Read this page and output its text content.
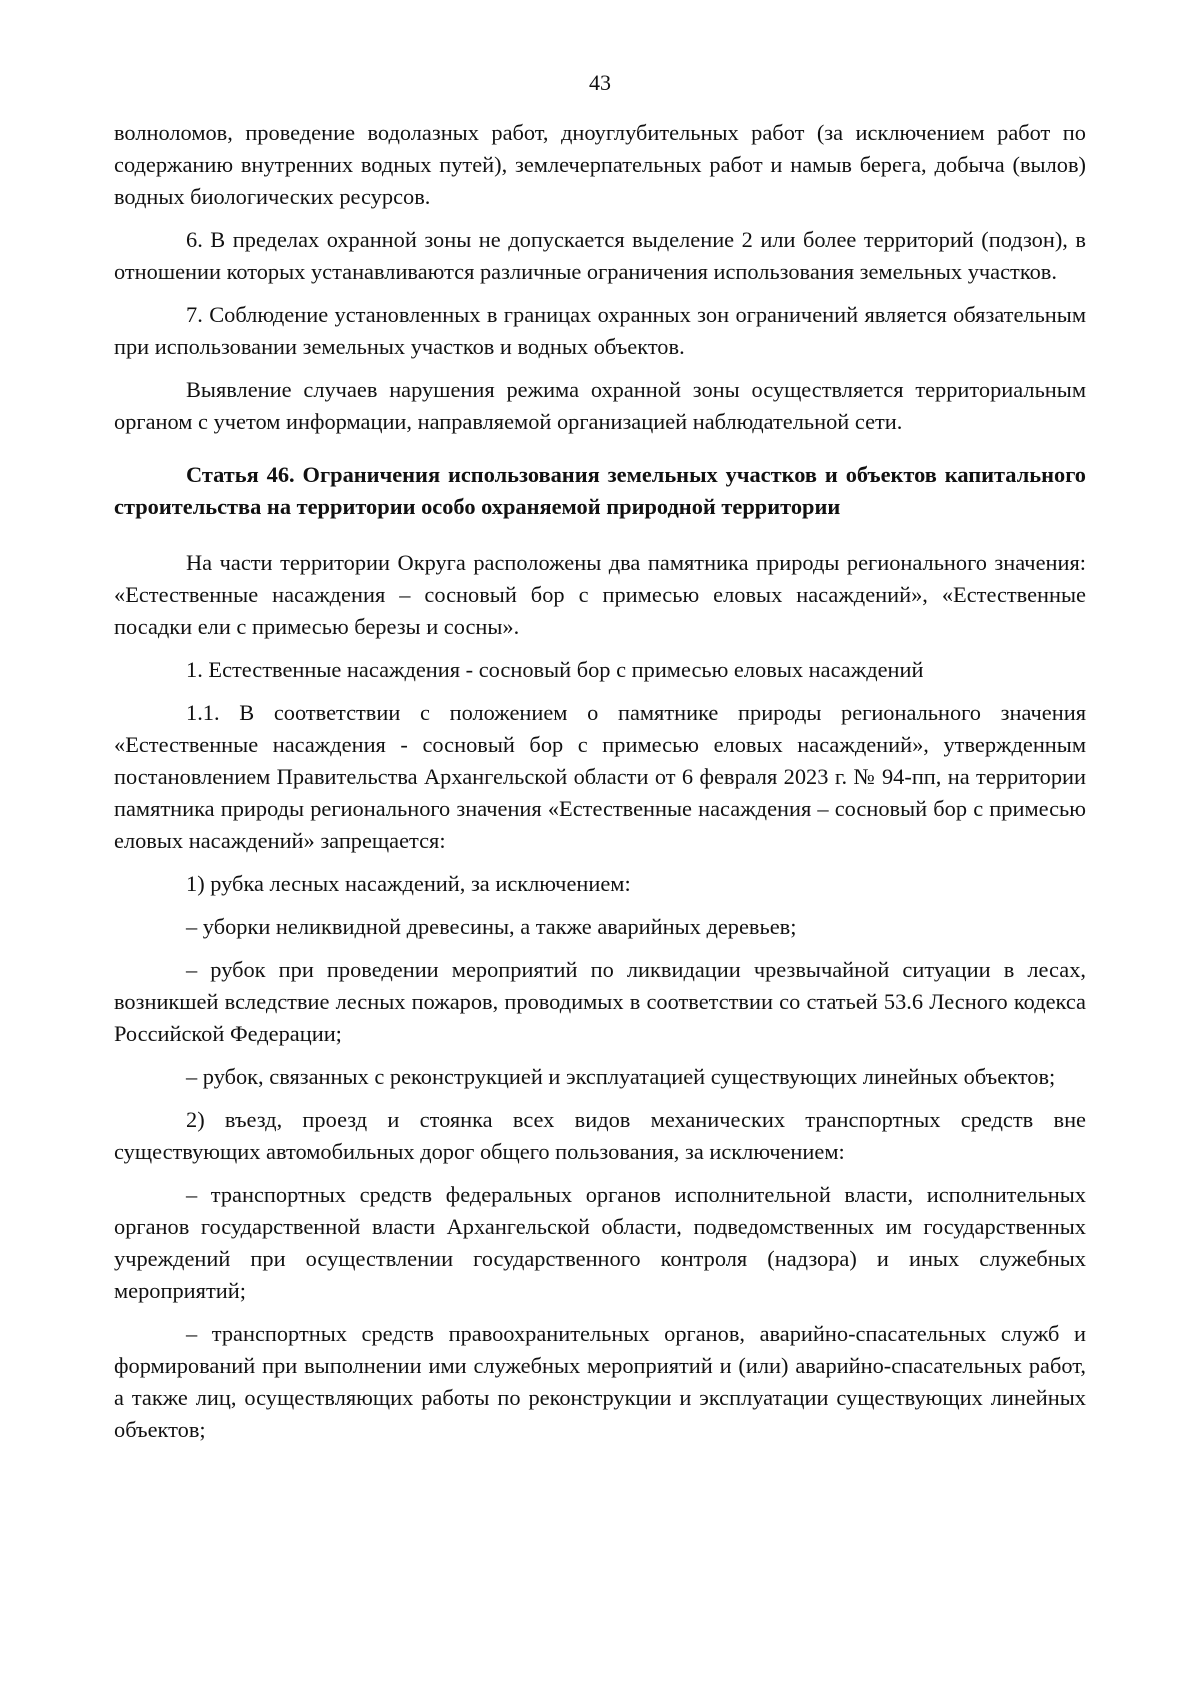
43

волноломов, проведение водолазных работ, дноуглубительных работ (за исключением работ по содержанию внутренних водных путей), землечерпательных работ и намыв берега, добыча (вылов) водных биологических ресурсов.

6. В пределах охранной зоны не допускается выделение 2 или более территорий (подзон), в отношении которых устанавливаются различные ограничения использования земельных участков.

7. Соблюдение установленных в границах охранных зон ограничений является обязательным при использовании земельных участков и водных объектов.

Выявление случаев нарушения режима охранной зоны осуществляется территориальным органом с учетом информации, направляемой организацией наблюдательной сети.

Статья 46. Ограничения использования земельных участков и объектов капитального строительства на территории особо охраняемой природной территории

На части территории Округа расположены два памятника природы регионального значения: «Естественные насаждения – сосновый бор с примесью еловых насаждений», «Естественные посадки ели с примесью березы и сосны».

1. Естественные насаждения - сосновый бор с примесью еловых насаждений

1.1. В соответствии с положением о памятнике природы регионального значения «Естественные насаждения - сосновый бор с примесью еловых насаждений», утвержденным постановлением Правительства Архангельской области от 6 февраля 2023 г. № 94-пп, на территории памятника природы регионального значения «Естественные насаждения – сосновый бор с примесью еловых насаждений» запрещается:

1) рубка лесных насаждений, за исключением:

– уборки неликвидной древесины, а также аварийных деревьев;

– рубок при проведении мероприятий по ликвидации чрезвычайной ситуации в лесах, возникшей вследствие лесных пожаров, проводимых в соответствии со статьей 53.6 Лесного кодекса Российской Федерации;

– рубок, связанных с реконструкцией и эксплуатацией существующих линейных объектов;

2) въезд, проезд и стоянка всех видов механических транспортных средств вне существующих автомобильных дорог общего пользования, за исключением:

– транспортных средств федеральных органов исполнительной власти, исполнительных органов государственной власти Архангельской области, подведомственных им государственных учреждений при осуществлении государственного контроля (надзора) и иных служебных мероприятий;

– транспортных средств правоохранительных органов, аварийно-спасательных служб и формирований при выполнении ими служебных мероприятий и (или) аварийно-спасательных работ, а также лиц, осуществляющих работы по реконструкции и эксплуатации существующих линейных объектов;
